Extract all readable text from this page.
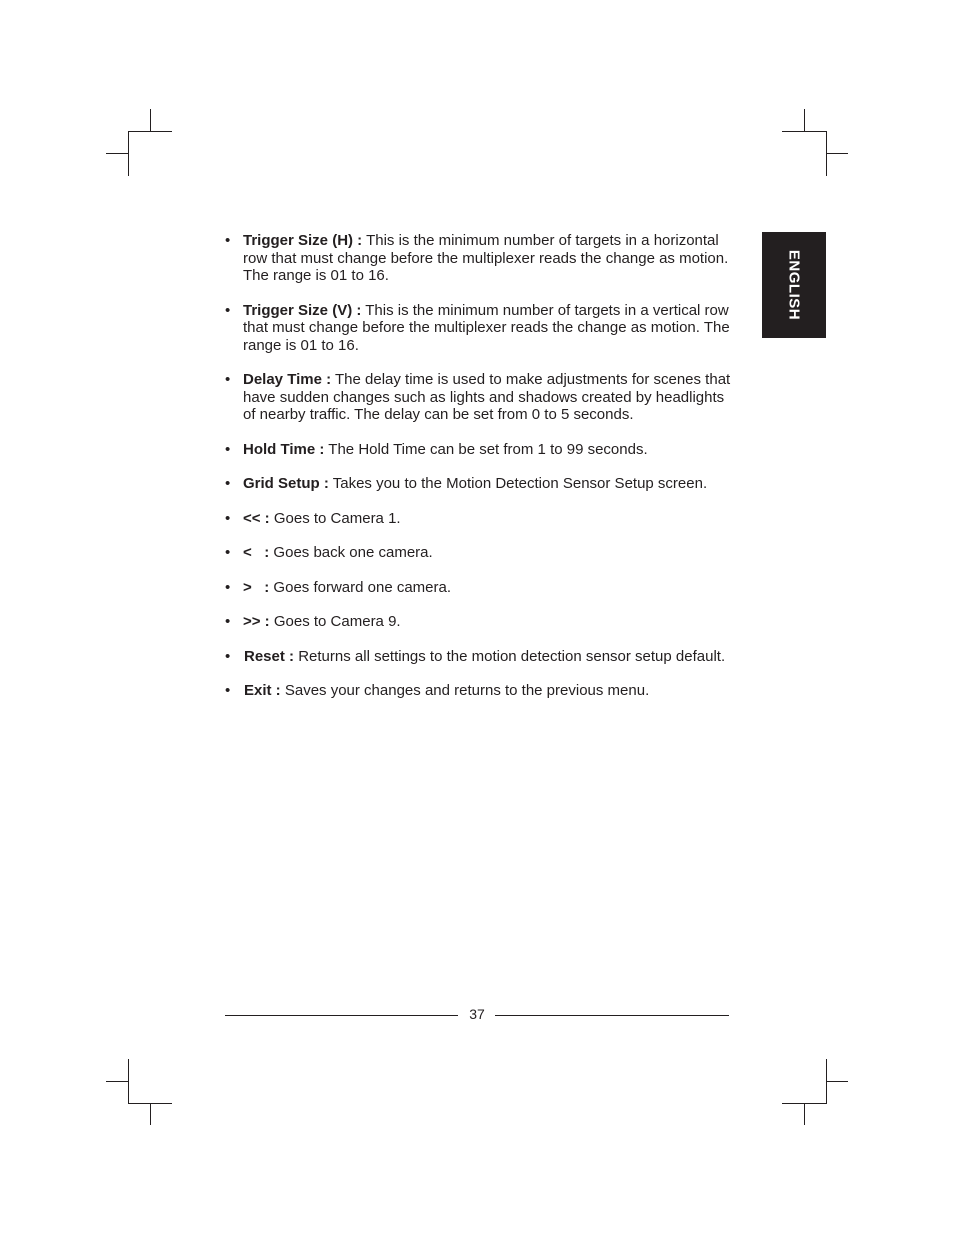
ENGLISH
• Trigger Size (H) : This is the minimum number of targets in a horizontal row that must change before the multiplexer reads the change as motion. The range is 01 to 16.
• Trigger Size (V) : This is the minimum number of targets in a vertical row that must change before the multiplexer reads the change as motion. The range is 01 to 16.
• Delay Time : The delay time is used to make adjustments for scenes that have sudden changes such as lights and shadows created by headlights of nearby traffic. The delay can be set from 0 to 5 seconds.
• Hold Time : The Hold Time can be set from 1 to 99 seconds.
• Grid Setup : Takes you to the Motion Detection Sensor Setup screen.
• << : Goes to Camera 1.
• <   : Goes back one camera.
• >   : Goes forward one camera.
• >> : Goes to Camera 9.
• Reset : Returns all settings to the motion detection sensor setup default.
• Exit : Saves your changes and returns to the previous menu.
37
